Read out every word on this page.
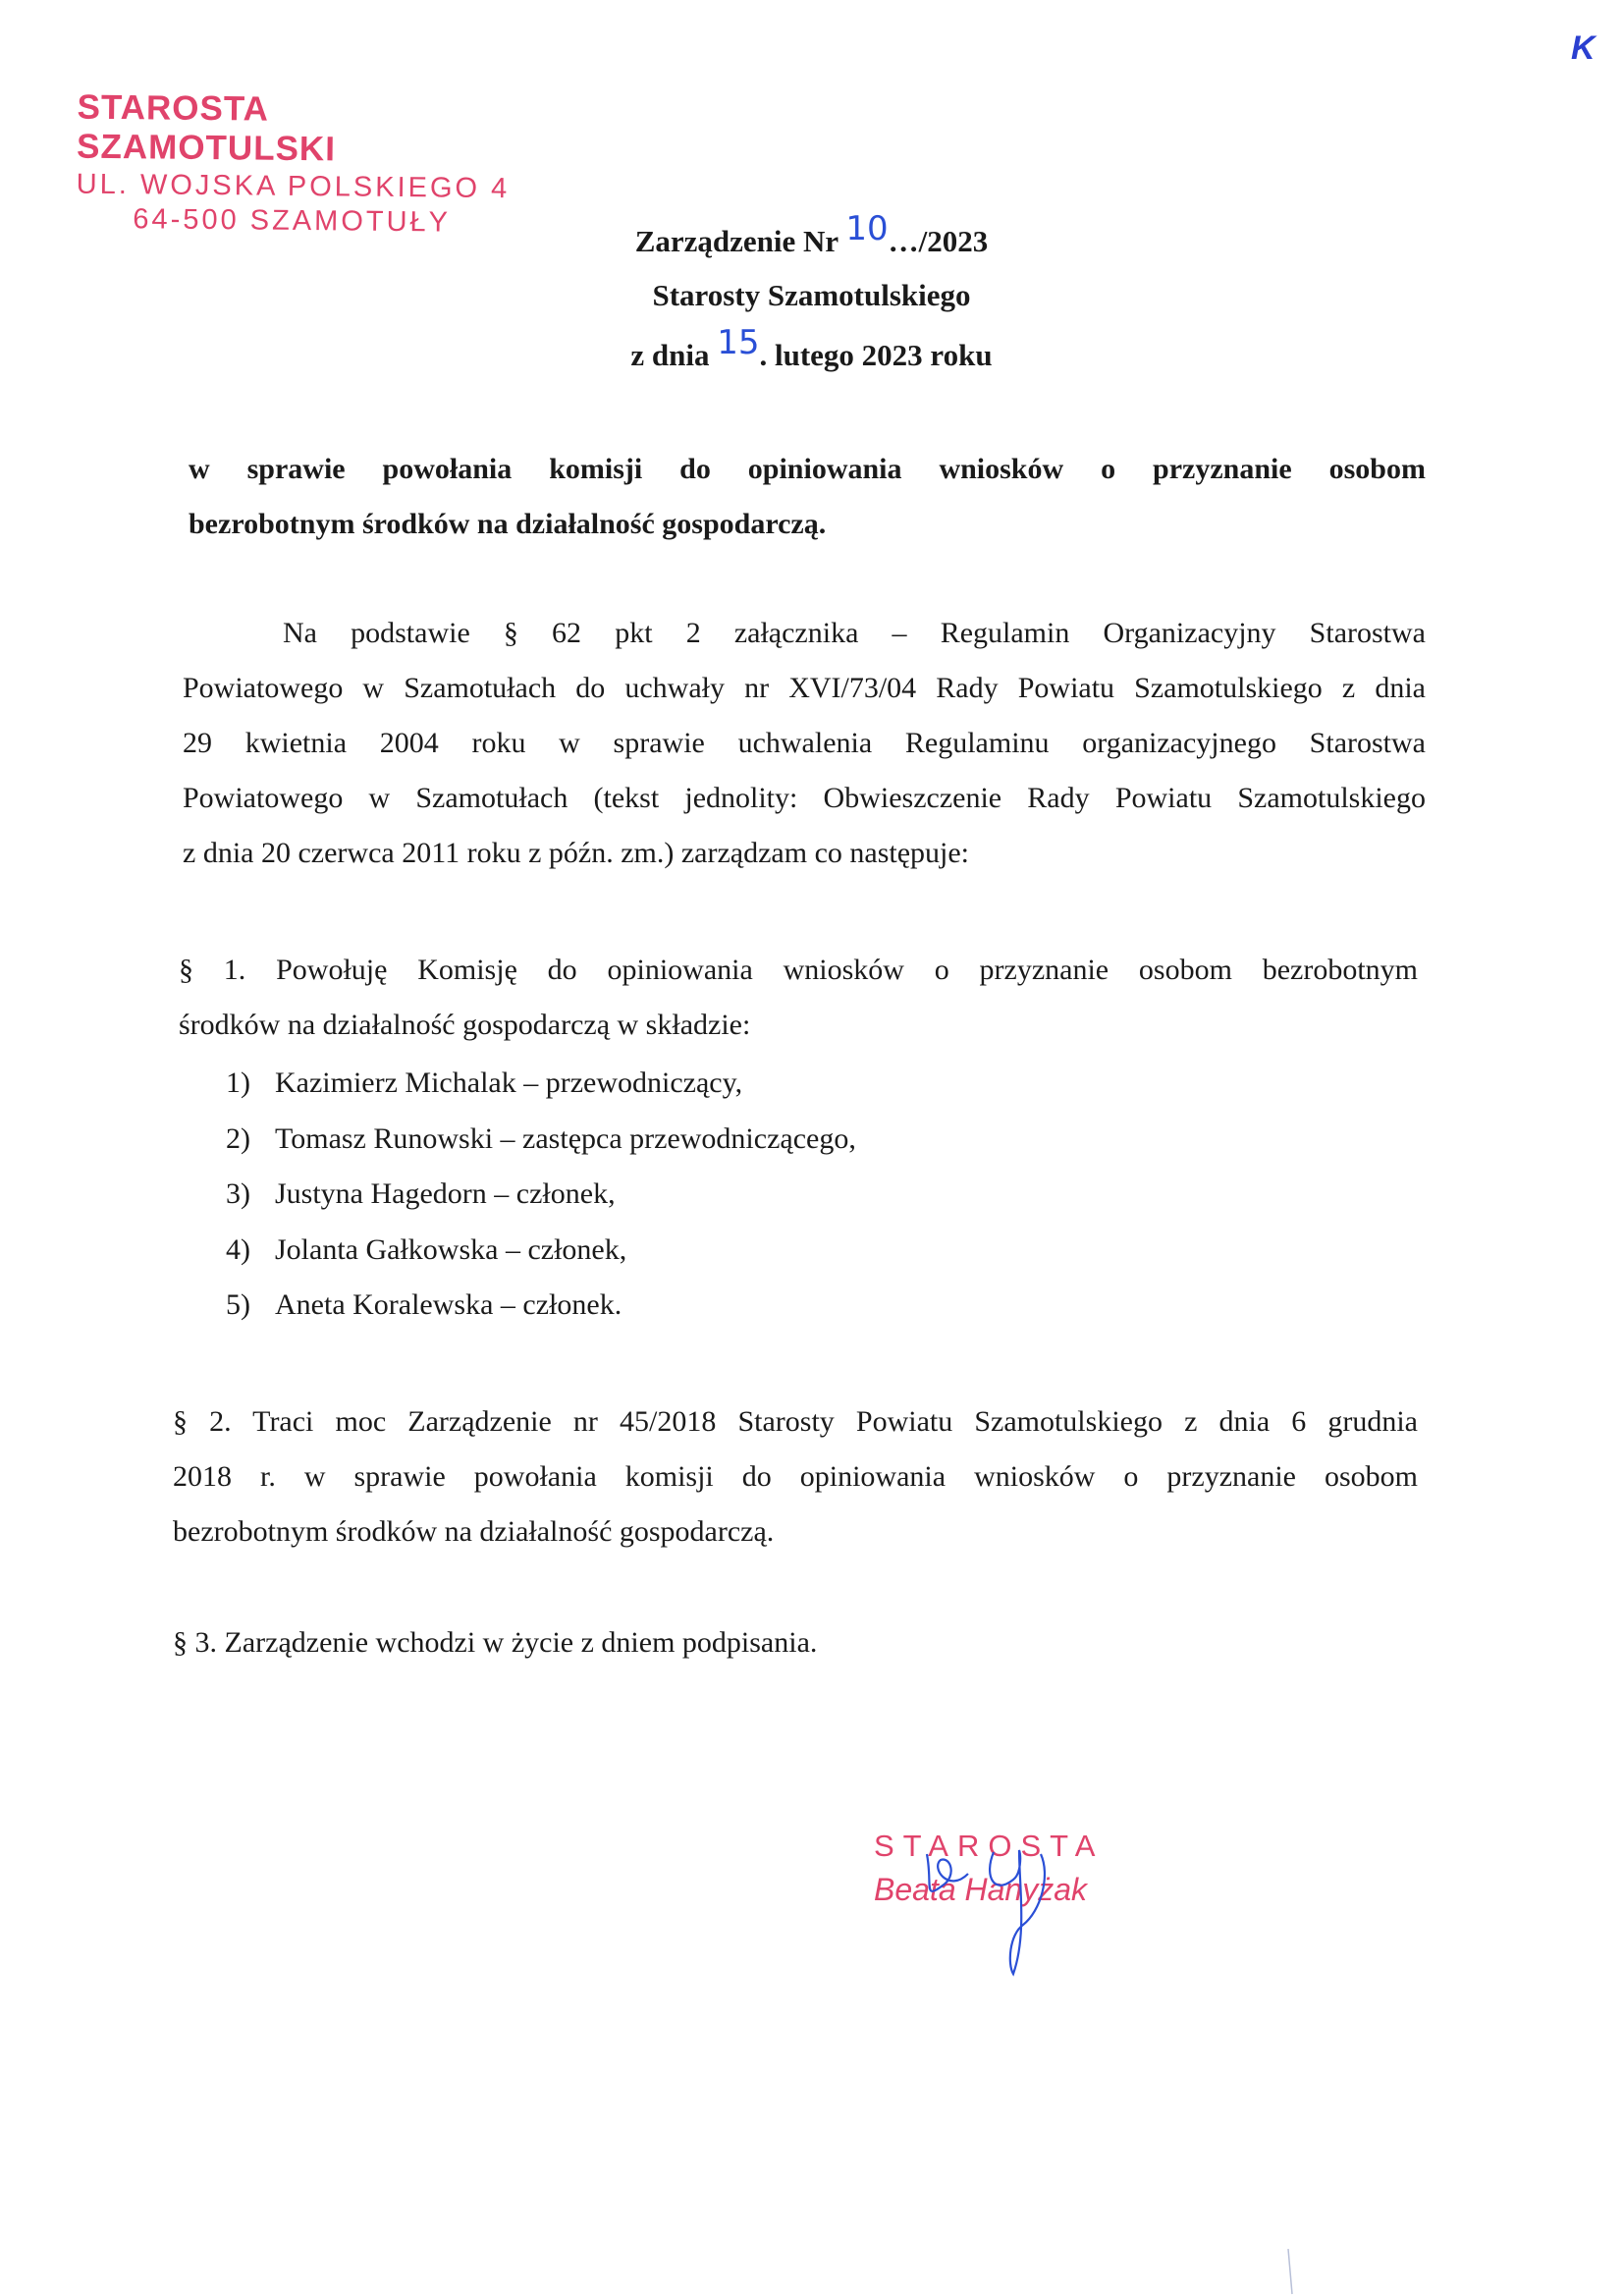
K
STAROSTA SZAMOTULSKI
UL. WOJSKA POLSKIEGO 4
64-500 SZAMOTUŁY
Zarządzenie Nr 10…/2023
Starosty Szamotulskiego
z dnia 15. lutego 2023 roku
w sprawie powołania komisji do opiniowania wniosków o przyznanie osobom
bezrobotnym środków na działalność gospodarczą.
Na podstawie § 62 pkt 2 załącznika – Regulamin Organizacyjny Starostwa
Powiatowego w Szamotułach do uchwały nr XVI/73/04 Rady Powiatu Szamotulskiego z dnia
29 kwietnia 2004 roku w sprawie uchwalenia Regulaminu organizacyjnego Starostwa
Powiatowego w Szamotułach (tekst jednolity: Obwieszczenie Rady Powiatu Szamotulskiego
z dnia 20 czerwca 2011 roku z późn. zm.) zarządzam co następuje:
§ 1. Powołuję Komisję do opiniowania wniosków o przyznanie osobom bezrobotnym
środków na działalność gospodarczą w składzie:
1) Kazimierz Michalak – przewodniczący,
2) Tomasz Runowski – zastępca przewodniczącego,
3) Justyna Hagedorn – członek,
4) Jolanta Gałkowska – członek,
5) Aneta Koralewska – członek.
§ 2. Traci moc Zarządzenie nr 45/2018 Starosty Powiatu Szamotulskiego z dnia 6 grudnia
2018 r. w sprawie powołania komisji do opiniowania wniosków o przyznanie osobom
bezrobotnym środków na działalność gospodarczą.
§ 3. Zarządzenie wchodzi w życie z dniem podpisania.
STAROSTA
Beata Hanyżak
